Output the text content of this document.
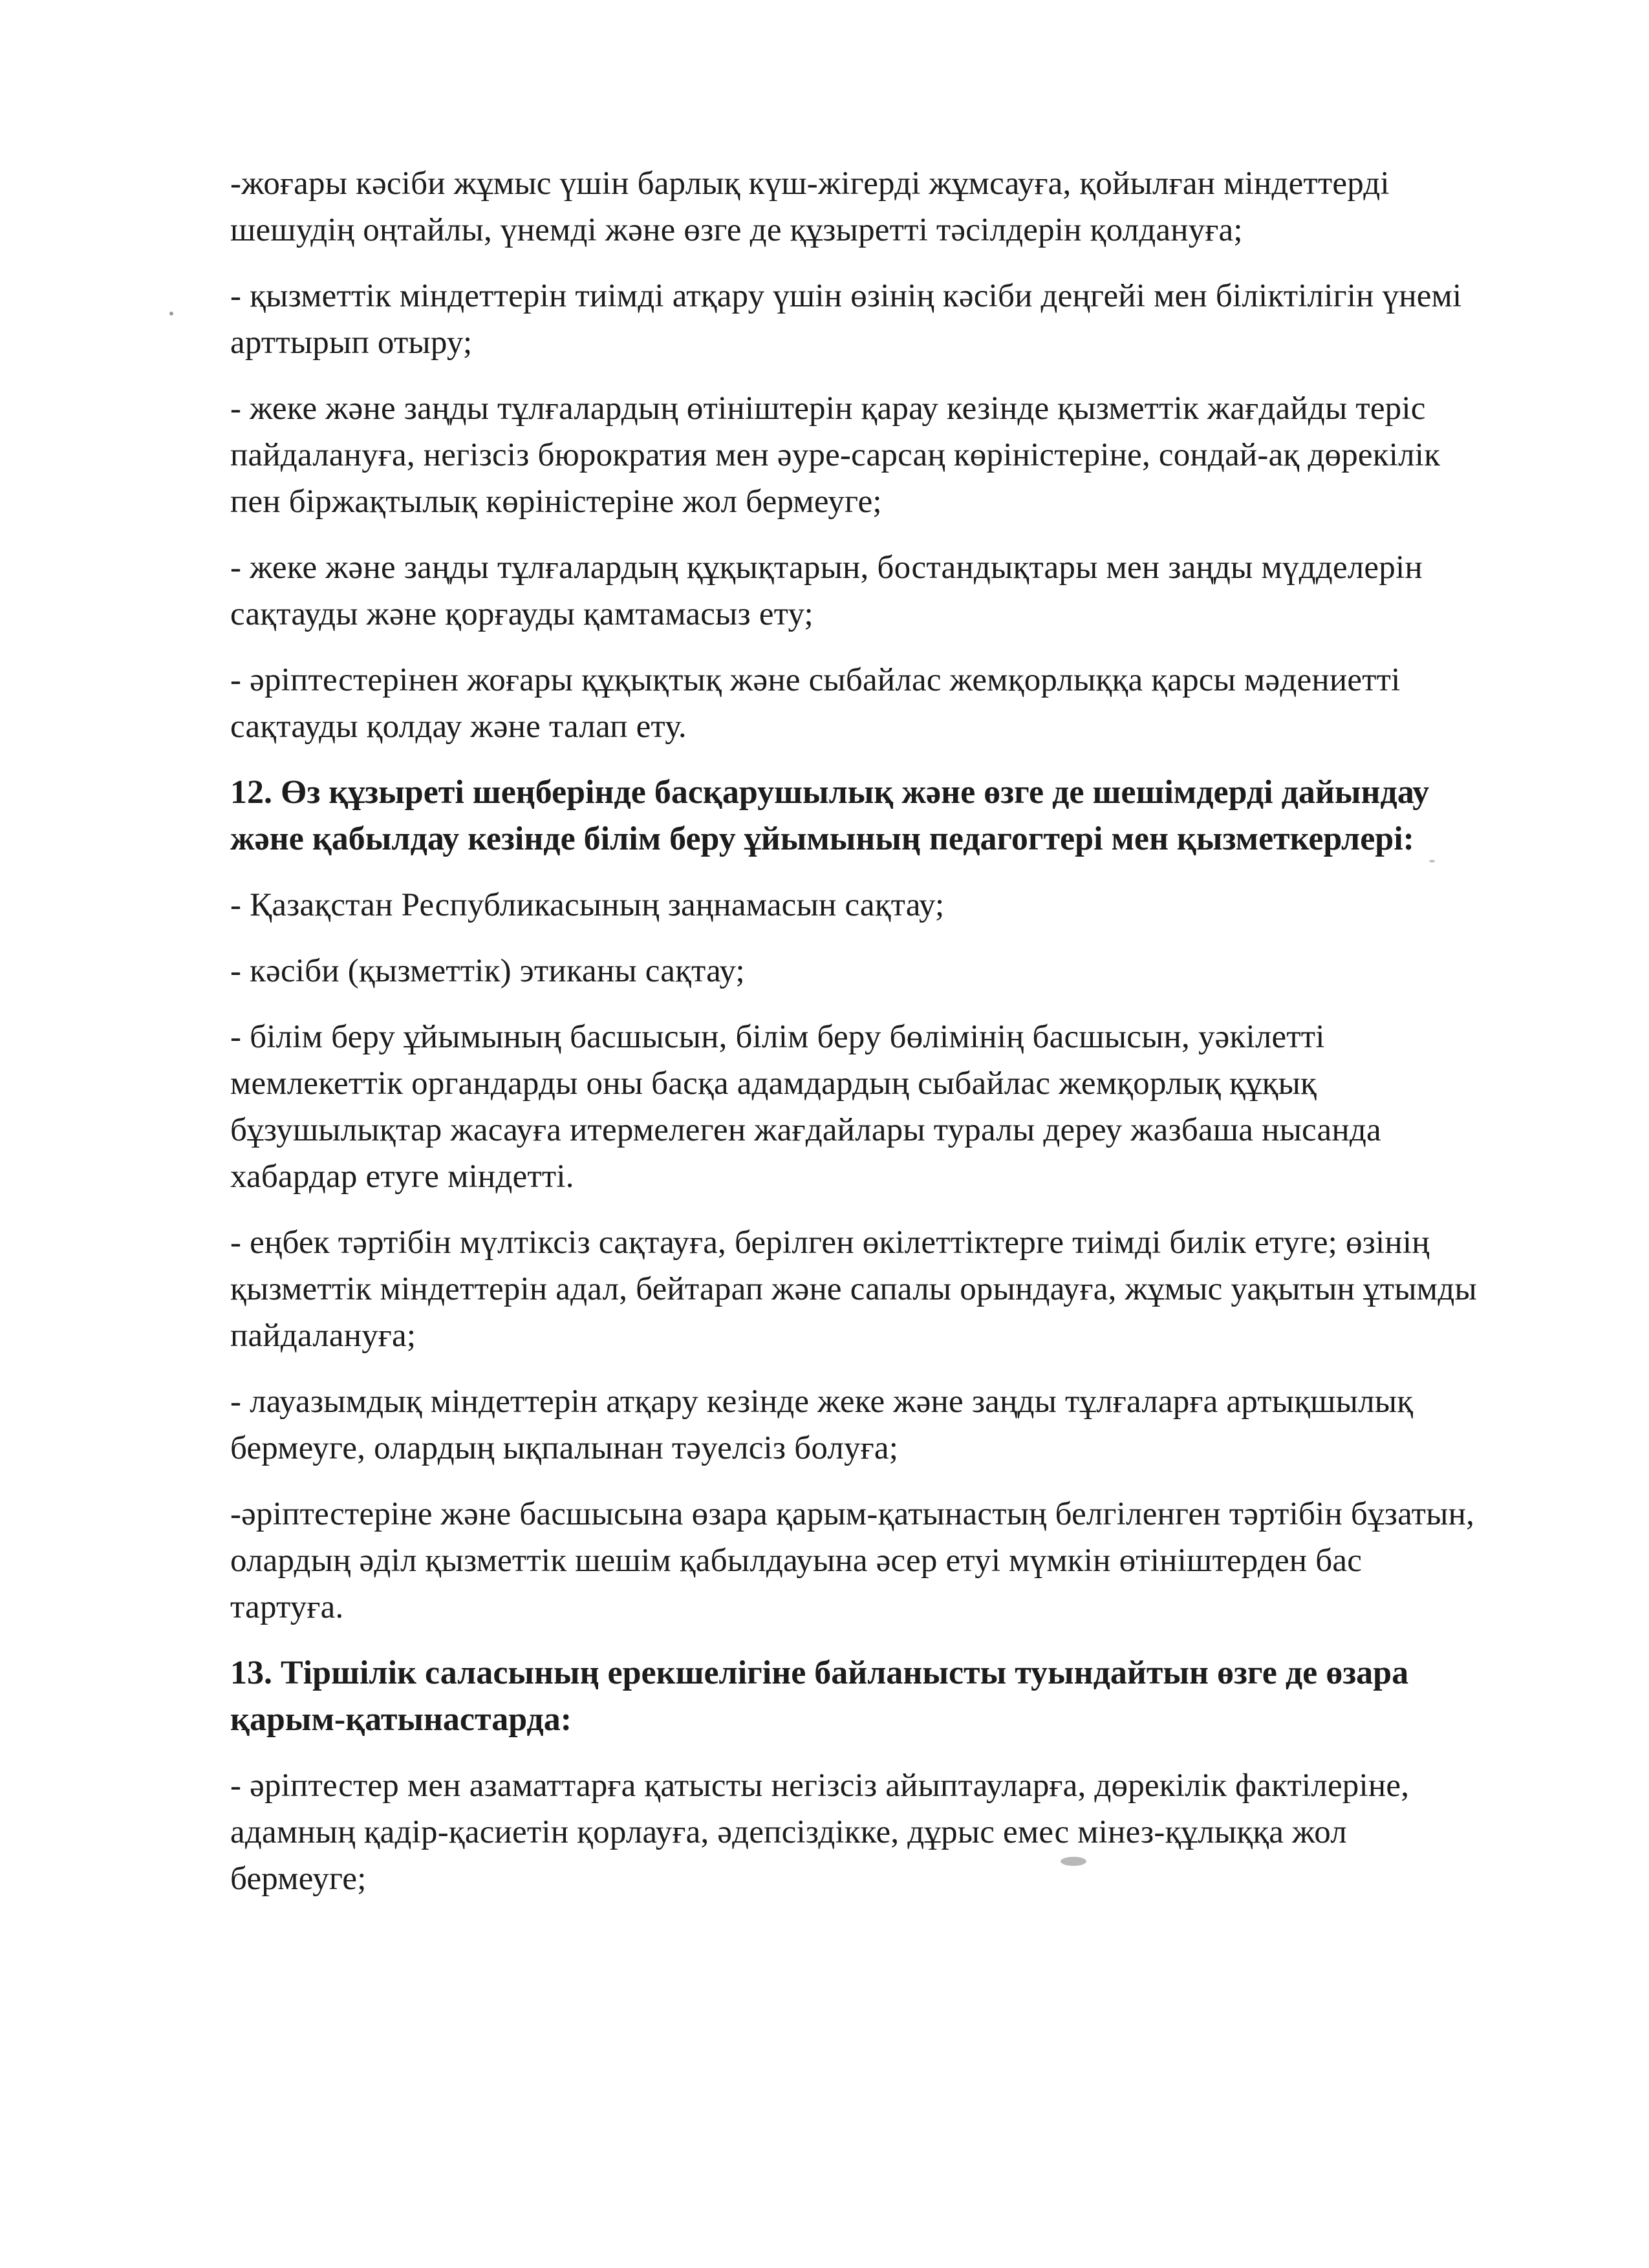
-жоғары кәсіби жұмыс үшін барлық күш-жігерді жұмсауға, қойылған міндеттерді шешудің оңтайлы, үнемді және өзге де құзыретті тәсілдерін қолдануға;

- қызметтік міндеттерін тиімді атқару үшін өзінің кәсіби деңгейі мен біліктілігін үнемі арттырып отыру;

- жеке және заңды тұлғалардың өтініштерін қарау кезінде қызметтік жағдайды теріс пайдалануға, негізсіз бюрократия мен әуре-сарсаң көріністеріне, сондай-ақ дөрекілік пен біржақтылық көріністеріне жол бермеуге;

- жеке және заңды тұлғалардың құқықтарын, бостандықтары мен заңды мүдделерін сақтауды және қорғауды қамтамасыз ету;

- әріптестерінен жоғары құқықтық және сыбайлас жемқорлыққа қарсы мәдениетті сақтауды қолдау және талап ету.

12. Өз құзыреті шеңберінде басқарушылық және өзге де шешімдерді дайындау және қабылдау кезінде білім беру ұйымының педагогтері мен қызметкерлері:

- Қазақстан Республикасының заңнамасын сақтау;

- кәсіби (қызметтік) этиканы сақтау;

- білім беру ұйымының басшысын, білім беру бөлімінің басшысын, уәкілетті мемлекеттік органдарды оны басқа адамдардың сыбайлас жемқорлық құқық бұзушылықтар жасауға итермелеген жағдайлары туралы дереу жазбаша нысанда хабардар етуге міндетті.

- еңбек тәртібін мүлтіксіз сақтауға, берілген өкілеттіктерге тиімді билік етуге; өзінің қызметтік міндеттерін адал, бейтарап және сапалы орындауға, жұмыс уақытын ұтымды пайдалануға;

- лауазымдық міндеттерін атқару кезінде жеке және заңды тұлғаларға артықшылық бермеуге, олардың ықпалынан тәуелсіз болуға;

-әріптестеріне және басшысына өзара қарым-қатынастың белгіленген тәртібін бұзатын, олардың әділ қызметтік шешім қабылдауына әсер етуі мүмкін өтініштерден бас тартуға.

13. Тіршілік саласының ерекшелігіне байланысты туындайтын өзге де өзара қарым-қатынастарда:

- әріптестер мен азаматтарға қатысты негізсіз айыптауларға, дөрекілік фактілеріне, адамның қадір-қасиетін қорлауға, әдепсіздікке, дұрыс емес мінез-құлыққа жол бермеуге;
